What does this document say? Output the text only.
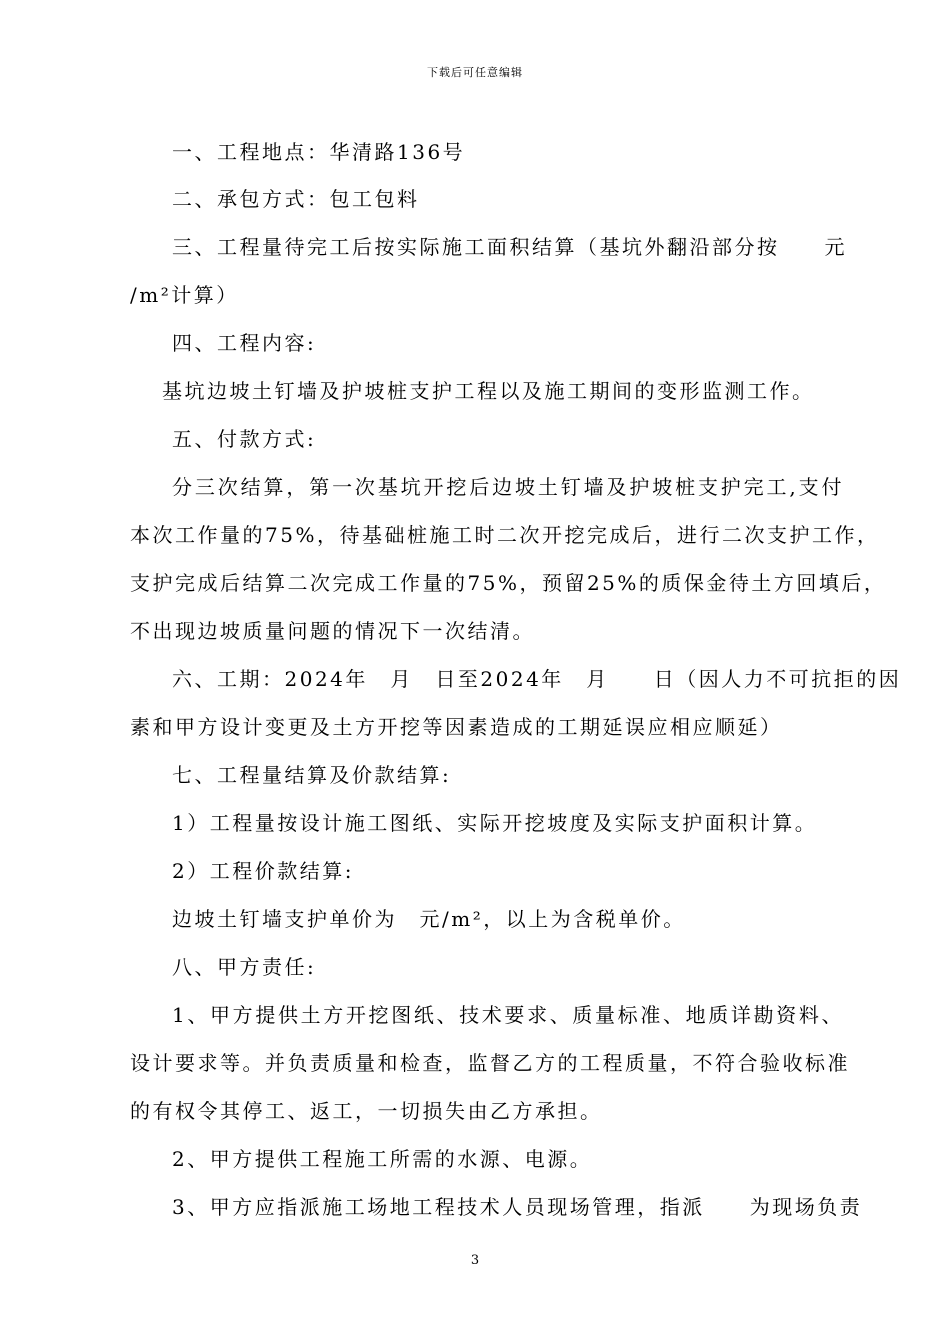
下载后可任意编辑
一、工程地点：华清路136号
二、承包方式：包工包料
三、工程量待完工后按实际施工面积结算（基坑外翻沿部分按　　元
/m²计算）
四、工程内容:
基坑边坡土钉墙及护坡桩支护工程以及施工期间的变形监测工作。
五、付款方式:
分三次结算，第一次基坑开挖后边坡土钉墙及护坡桩支护完工,支付
本次工作量的75%，待基础桩施工时二次开挖完成后，进行二次支护工作，
支护完成后结算二次完成工作量的75%，预留25%的质保金待土方回填后，
不出现边坡质量问题的情况下一次结清。
六、工期：2024年　月　日至2024年　月　　日（因人力不可抗拒的因
素和甲方设计变更及土方开挖等因素造成的工期延误应相应顺延）
七、工程量结算及价款结算:
1）工程量按设计施工图纸、实际开挖坡度及实际支护面积计算。
2）工程价款结算:
边坡土钉墙支护单价为　元/m²，以上为含税单价。
八、甲方责任:
1、甲方提供土方开挖图纸、技术要求、质量标准、地质详勘资料、
设计要求等。并负责质量和检查，监督乙方的工程质量，不符合验收标准
的有权令其停工、返工，一切损失由乙方承担。
2、甲方提供工程施工所需的水源、电源。
3、甲方应指派施工场地工程技术人员现场管理，指派　　为现场负责
3
